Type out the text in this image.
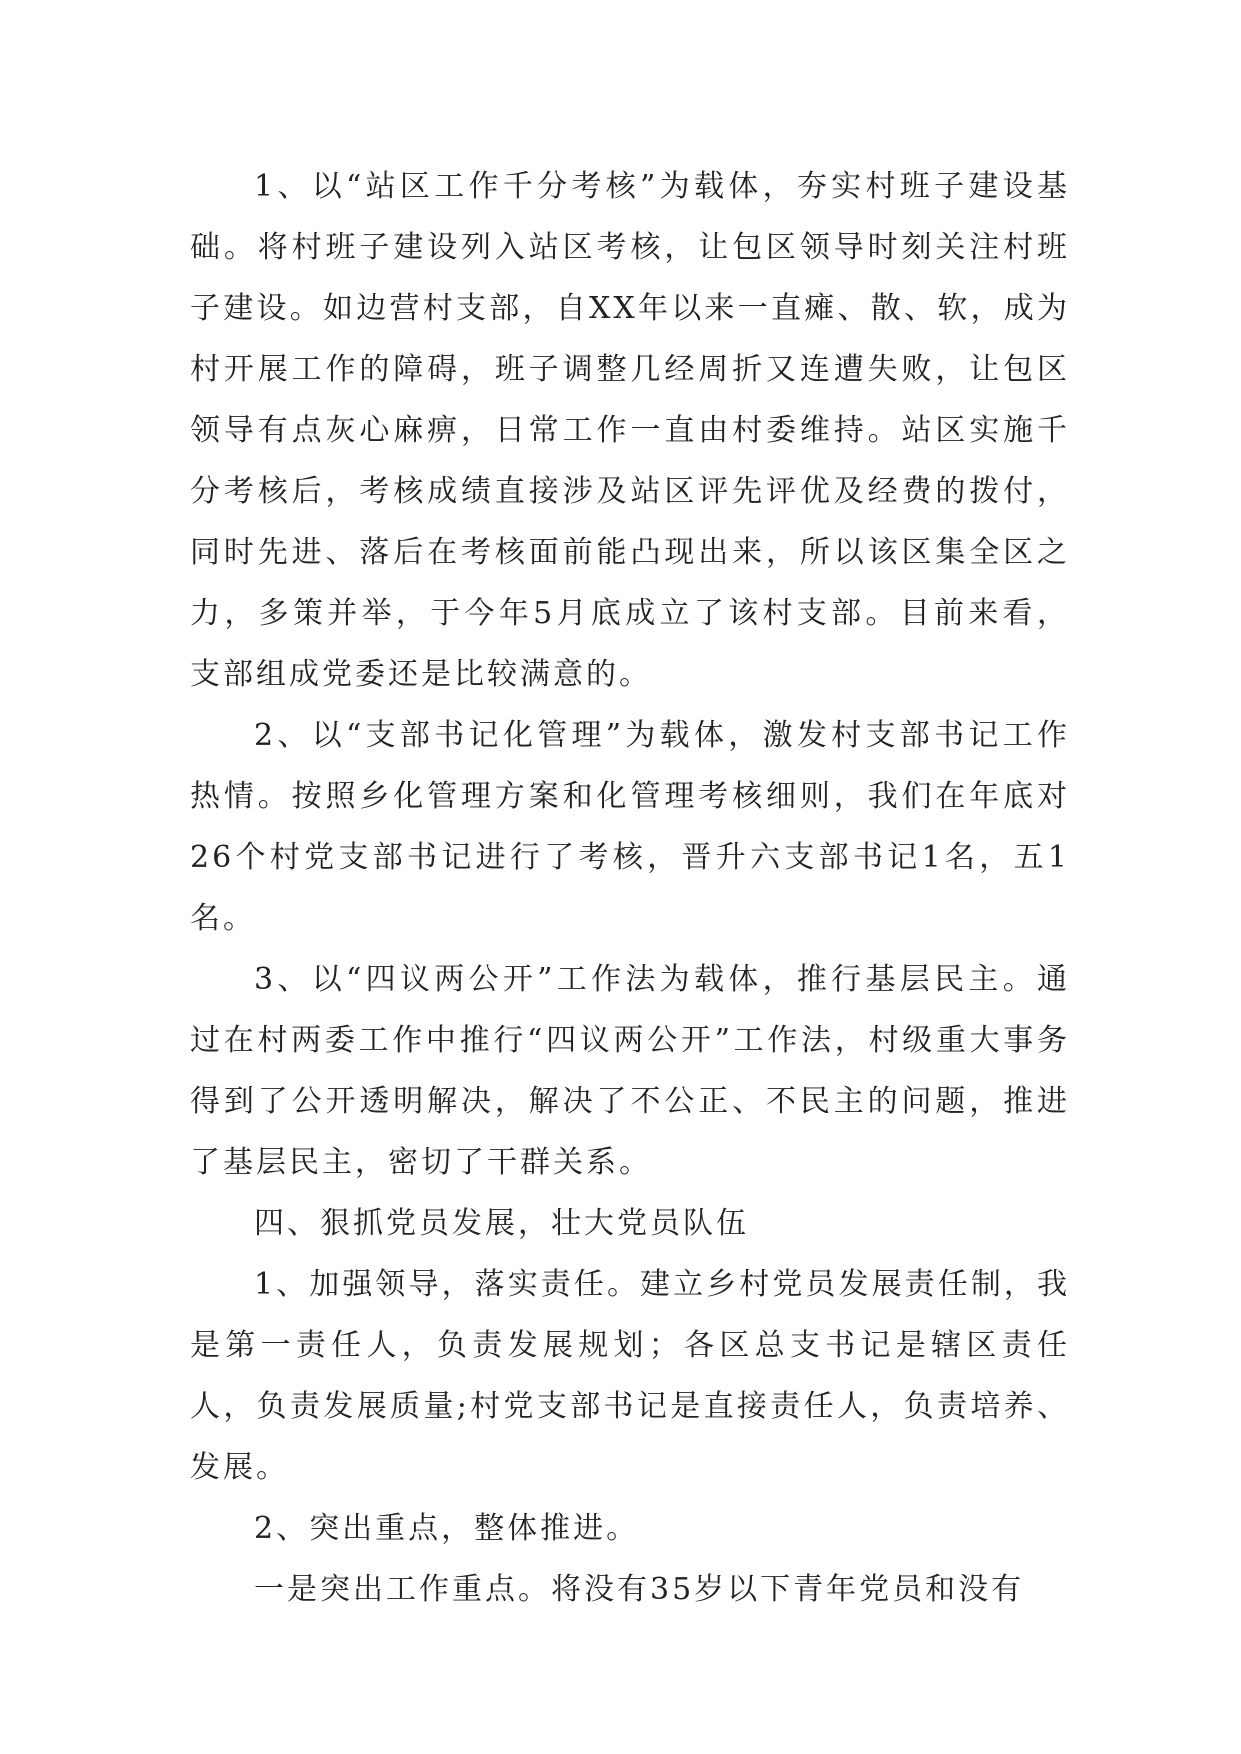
1、以“站区工作千分考核”为载体，夯实村班子建设基础。将村班子建设列入站区考核，让包区领导时刻关注村班子建设。如边营村支部，自XX年以来一直瘫、散、软，成为村开展工作的障碍，班子调整几经周折又连遭失败，让包区领导有点灰心麻痹，日常工作一直由村委维持。站区实施千分考核后，考核成绩直接涉及站区评先评优及经费的拨付，同时先进、落后在考核面前能凸现出来，所以该区集全区之力，多策并举，于今年5月底成立了该村支部。目前来看，支部组成党委还是比较满意的。

2、以“支部书记化管理”为载体，激发村支部书记工作热情。按照乡化管理方案和化管理考核细则，我们在年底对26个村党支部书记进行了考核，晋升六支部书记1名，五1名。

3、以“四议两公开”工作法为载体，推行基层民主。通过在村两委工作中推行“四议两公开”工作法，村级重大事务得到了公开透明解决，解决了不公正、不民主的问题，推进了基层民主，密切了干群关系。

四、狠抓党员发展，壮大党员队伍

1、加强领导，落实责任。建立乡村党员发展责任制，我是第一责任人，负责发展规划；各区总支书记是辖区责任人，负责发展质量;村党支部书记是直接责任人，负责培养、发展。

2、突出重点，整体推进。

一是突出工作重点。将没有35岁以下青年党员和没有
